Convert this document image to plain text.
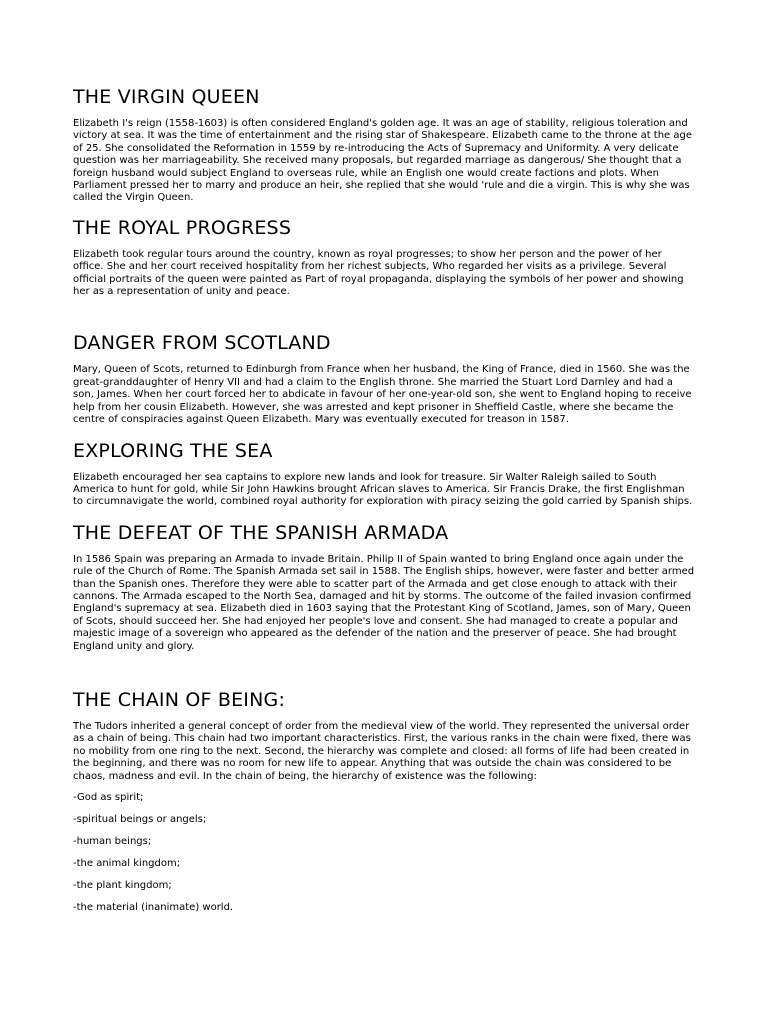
THE VIRGIN QUEEN

Elizabeth I's reign (1558-1603) is often considered England's golden age. It was an age of stability, religious toleration and victory at sea. It was the time of entertainment and the rising star of Shakespeare. Elizabeth came to the throne at the age of 25. She consolidated the Reformation in 1559 by re-introducing the Acts of Supremacy and Uniformity. A very delicate question was her marriageability. She received many proposals, but regarded marriage as dangerous/ She thought that a foreign husband would subject England to overseas rule, while an English one would create factions and plots. When Parliament pressed her to marry and produce an heir, she replied that she would 'rule and die a virgin. This is why she was called the Virgin Queen.

THE ROYAL PROGRESS

Elizabeth took regular tours around the country, known as royal progresses; to show her person and the power of her office. She and her court received hospitality from her richest subjects, Who regarded her visits as a privilege. Several official portraits of the queen were painted as Part of royal propaganda, displaying the symbols of her power and showing her as a representation of unity and peace.

DANGER FROM SCOTLAND

Mary, Queen of Scots, returned to Edinburgh from France when her husband, the King of France, died in 1560. She was the great-granddaughter of Henry VII and had a claim to the English throne. She married the Stuart Lord Darnley and had a son, James. When her court forced her to abdicate in favour of her one-year-old son, she went to England hoping to receive help from her cousin Elizabeth. However, she was arrested and kept prisoner in Sheffield Castle, where she became the centre of conspiracies against Queen Elizabeth. Mary was eventually executed for treason in 1587.

EXPLORING THE SEA

Elizabeth encouraged her sea captains to explore new lands and look for treasure. Sir Walter Raleigh sailed to South America to hunt for gold, while Sir John Hawkins brought African slaves to America. Sir Francis Drake, the first Englishman to circumnavigate the world, combined royal authority for exploration with piracy seizing the gold carried by Spanish ships.

THE DEFEAT OF THE SPANISH ARMADA

In 1586 Spain was preparing an Armada to invade Britain. Philip II of Spain wanted to bring England once again under the rule of the Church of Rome. The Spanish Armada set sail in 1588. The English ships, however, were faster and better armed than the Spanish ones. Therefore they were able to scatter part of the Armada and get close enough to attack with their cannons. The Armada escaped to the North Sea, damaged and hit by storms. The outcome of the failed invasion confirmed England's supremacy at sea. Elizabeth died in 1603 saying that the Protestant King of Scotland, James, son of Mary, Queen of Scots, should succeed her. She had enjoyed her people's love and consent. She had managed to create a popular and majestic image of a sovereign who appeared as the defender of the nation and the preserver of peace. She had brought England unity and glory.

THE CHAIN OF BEING:

The Tudors inherited a general concept of order from the medieval view of the world. They represented the universal order as a chain of being. This chain had two important characteristics. First, the various ranks in the chain were fixed, there was no mobility from one ring to the next. Second, the hierarchy was complete and closed: all forms of life had been created in the beginning, and there was no room for new life to appear. Anything that was outside the chain was considered to be chaos, madness and evil. In the chain of being, the hierarchy of existence was the following:

-God as spirit;

-spiritual beings or angels;

-human beings;

-the animal kingdom;

-the plant kingdom;

-the material (inanimate) world.
